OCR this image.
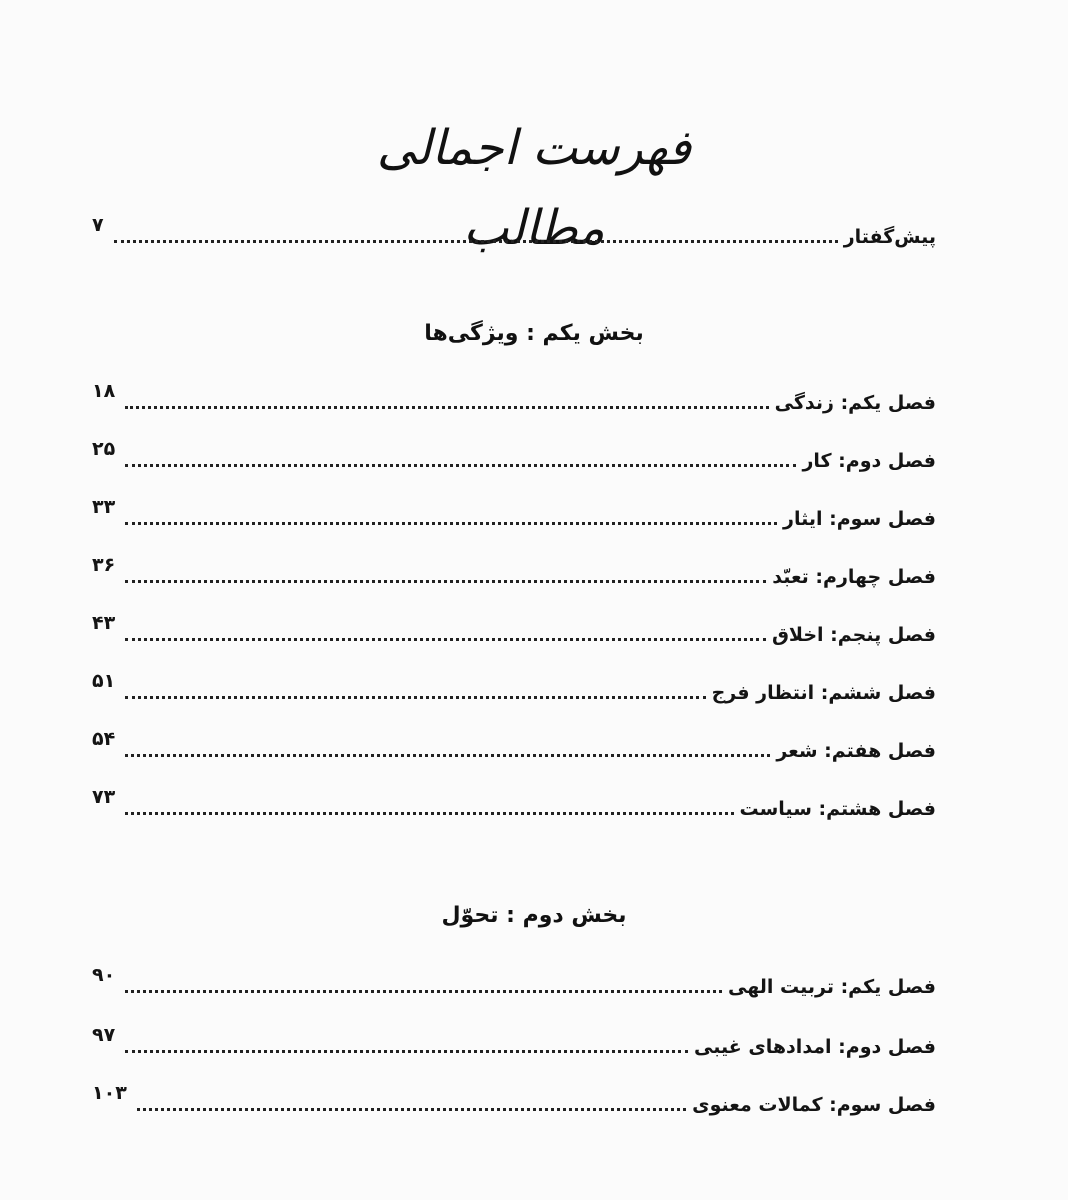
فهرست اجمالی مطالب	پیش‌گفتار
۷
بخش یکم : ویژگی‌ها
فصل یکم: زندگی
۱۸
فصل دوم: کار
۲۵
فصل سوم: ایثار
۳۳
فصل چهارم: تعبّد
۳۶
فصل پنجم: اخلاق
۴۳
فصل ششم: انتظار فرج
۵۱
فصل هفتم: شعر
۵۴
فصل هشتم: سیاست
۷۳
بخش دوم : تحوّل
فصل یکم: تربیت الهی
۹۰
فصل دوم: امدادهای غیبی
۹۷
فصل سوم: کمالات معنوی
۱۰۳
